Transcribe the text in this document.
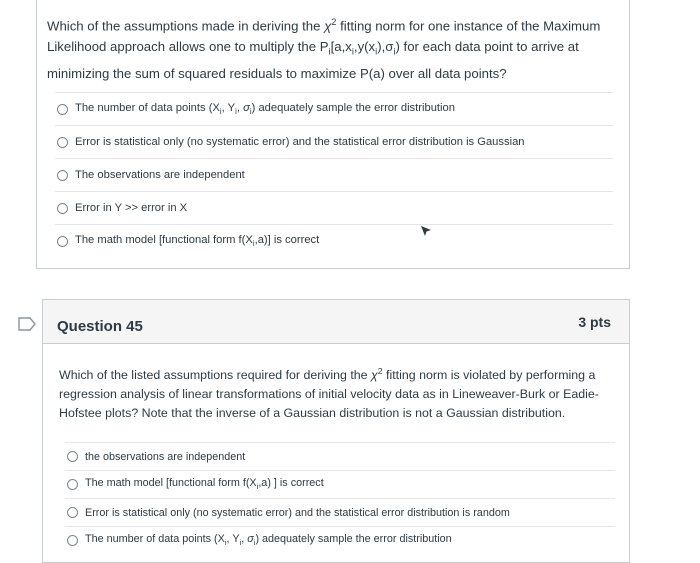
Which of the assumptions made in deriving the $\chi^2$ fitting norm for one instance of the Maximum Likelihood approach allows one to multiply the $P_i[a,x_i,y(x_i),\sigma_i)$ for each data point to arrive at minimizing the sum of squared residuals to maximize P(a) over all data points?
The number of data points ($X_i$, $Y_i$, $\sigma_i$) adequately sample the error distribution
Error is statistical only (no systematic error) and the statistical error distribution is Gaussian
The observations are independent
Error in Y >> error in X
The math model [functional form $f(X_i,a)$] is correct
Question 45	3 pts
Which of the listed assumptions required for deriving the $\chi^2$ fitting norm is violated by performing a regression analysis of linear transformations of initial velocity data as in Lineweaver-Burk or Eadie-Hofstee plots? Note that the inverse of a Gaussian distribution is not a Gaussian distribution.
the observations are independent
The math model [functional form $f(X_i,a)$ ] is correct
Error is statistical only (no systematic error) and the statistical error distribution is random
The number of data points ($X_i$, $Y_i$, $\sigma_i$) adequately sample the error distribution
